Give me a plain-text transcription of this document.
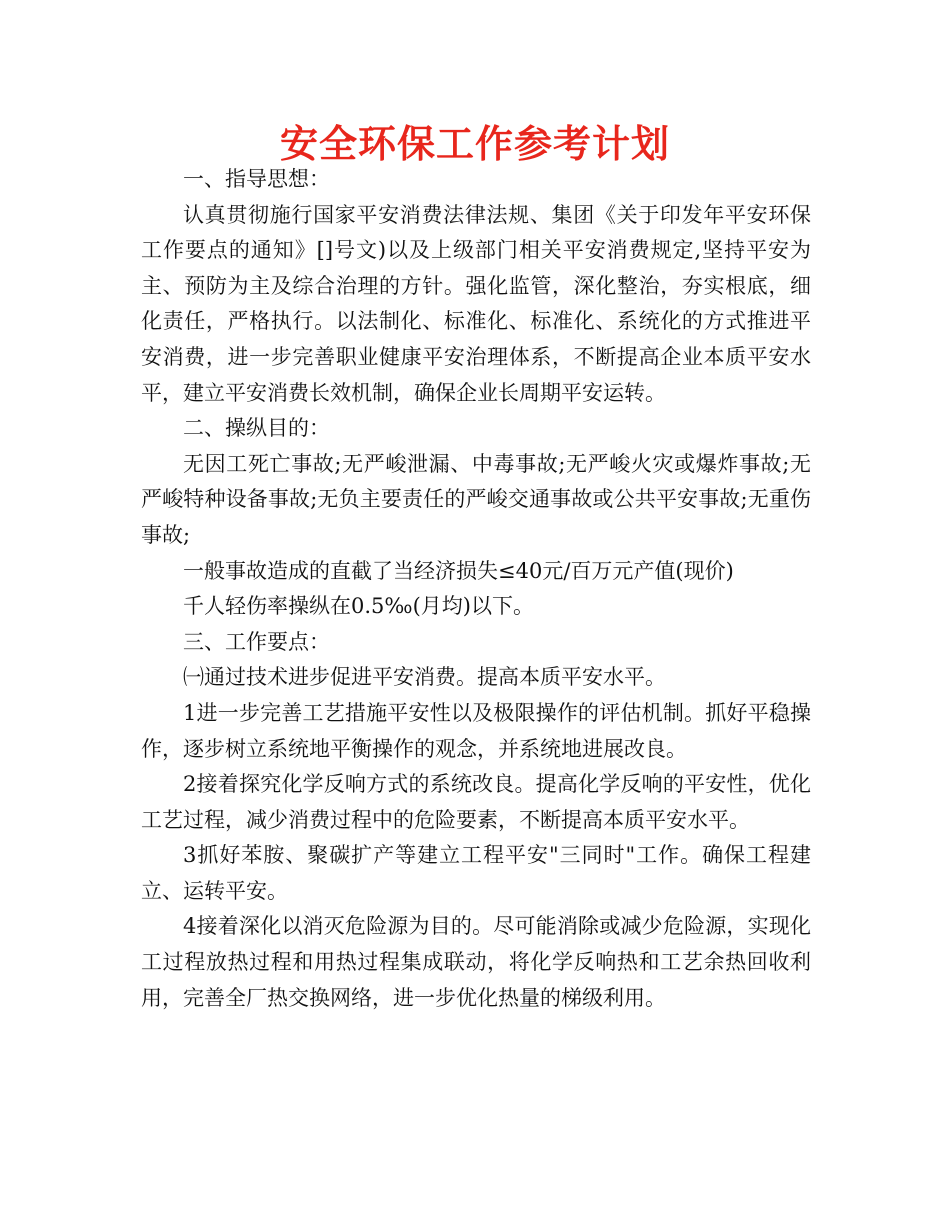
安全环保工作参考计划

一、指导思想：

认真贯彻施行国家平安消费法律法规、集团《关于印发年平安环保工作要点的通知》[]号文)以及上级部门相关平安消费规定,坚持平安为主、预防为主及综合治理的方针。强化监管，深化整治，夯实根底，细化责任，严格执行。以法制化、标准化、标准化、系统化的方式推进平安消费，进一步完善职业健康平安治理体系，不断提高企业本质平安水平，建立平安消费长效机制，确保企业长周期平安运转。

二、操纵目的：

无因工死亡事故;无严峻泄漏、中毒事故;无严峻火灾或爆炸事故;无严峻特种设备事故;无负主要责任的严峻交通事故或公共平安事故;无重伤事故;

一般事故造成的直截了当经济损失≤40元/百万元产值(现价)

千人轻伤率操纵在0.5‰(月均)以下。

三、工作要点：

㈠通过技术进步促进平安消费。提高本质平安水平。

1进一步完善工艺措施平安性以及极限操作的评估机制。抓好平稳操作，逐步树立系统地平衡操作的观念，并系统地进展改良。

2接着探究化学反响方式的系统改良。提高化学反响的平安性，优化工艺过程，减少消费过程中的危险要素，不断提高本质平安水平。

3抓好苯胺、聚碳扩产等建立工程平安"三同时"工作。确保工程建立、运转平安。

4接着深化以消灭危险源为目的。尽可能消除或减少危险源，实现化工过程放热过程和用热过程集成联动，将化学反响热和工艺余热回收利用，完善全厂热交换网络，进一步优化热量的梯级利用。
